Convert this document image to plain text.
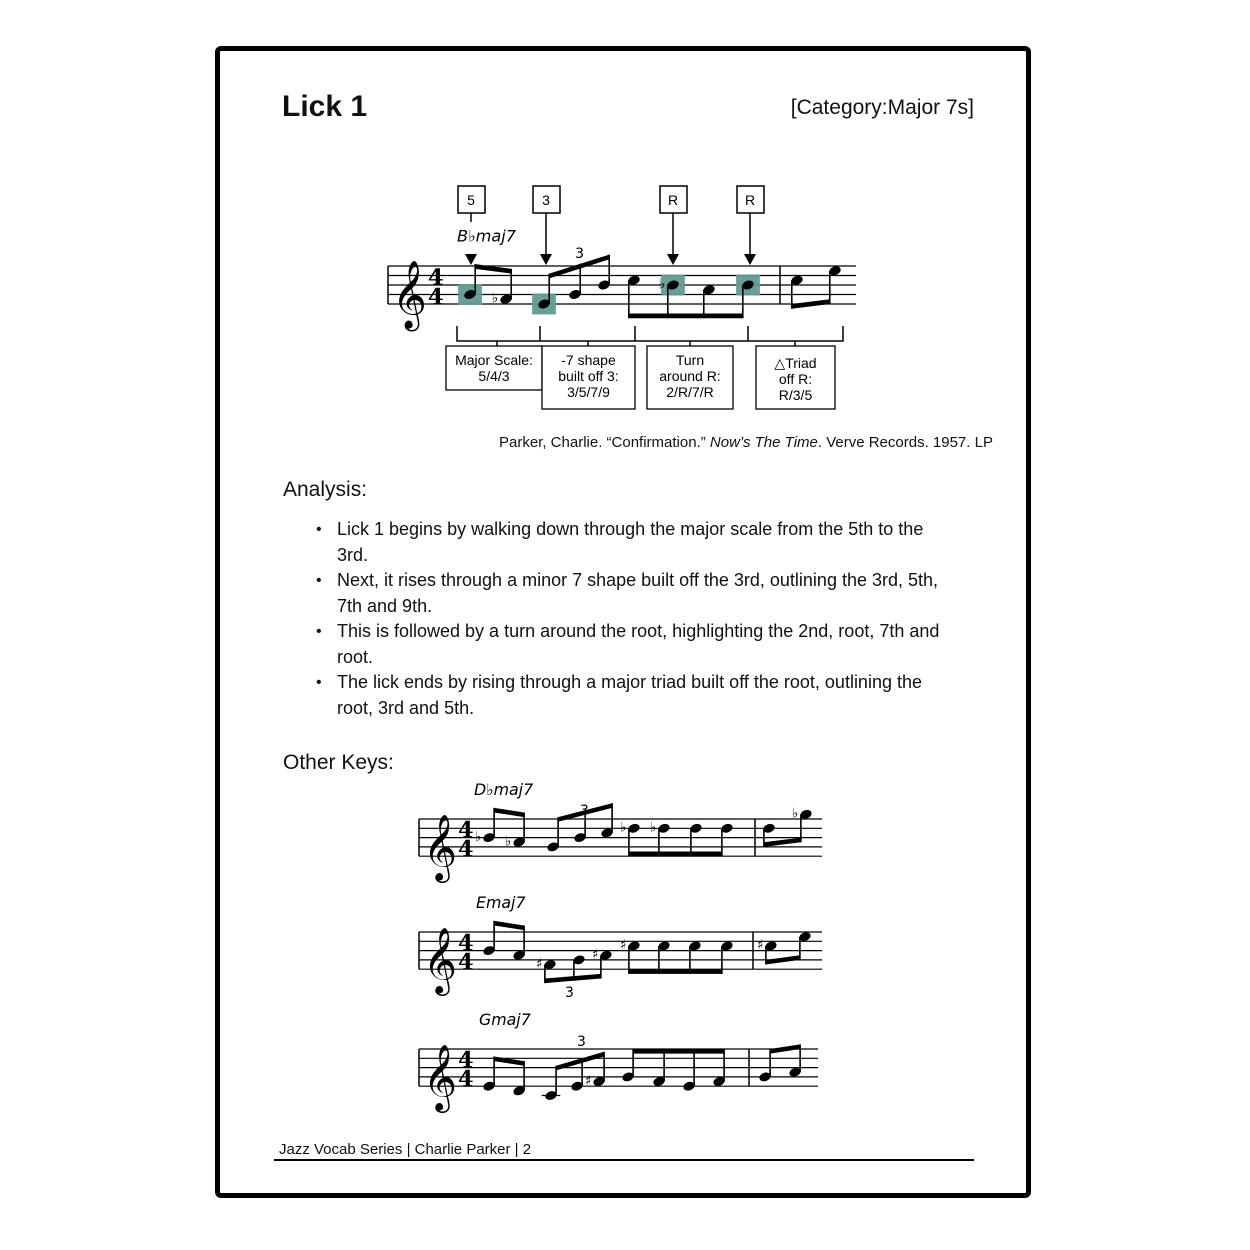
Lick 1	[Category:Major 7s]
𝄞 4
4
B♭maj7
♭
♭
3
5	3	R	R
Major Scale:
5/4/3
-7 shape
built off 3:
3/5/7/9
Turn
around R:
2/R/7/R
△Triad
off R:
R/3/5
𝄞 4
4
D♭maj7
♭ ♭
♭ ♭
♭
3
𝄞 4
4
Emaj7
♯
♯
♯	♯
3
𝄞 4
4
Gmaj7
♯
3
Parker, Charlie. “Confirmation.” Now’s The Time. Verve Records. 1957. LP
Analysis:
• Lick 1 begins by walking down through the major scale from the 5th to the 3rd.
• Next, it rises through a minor 7 shape built off the 3rd, outlining the 3rd, 5th, 7th and 9th.
• This is followed by a turn around the root, highlighting the 2nd, root, 7th and root.
• The lick ends by rising through a major triad built off the root, outlining the root, 3rd and 5th.
Other Keys:
Jazz Vocab Series | Charlie Parker | 2
